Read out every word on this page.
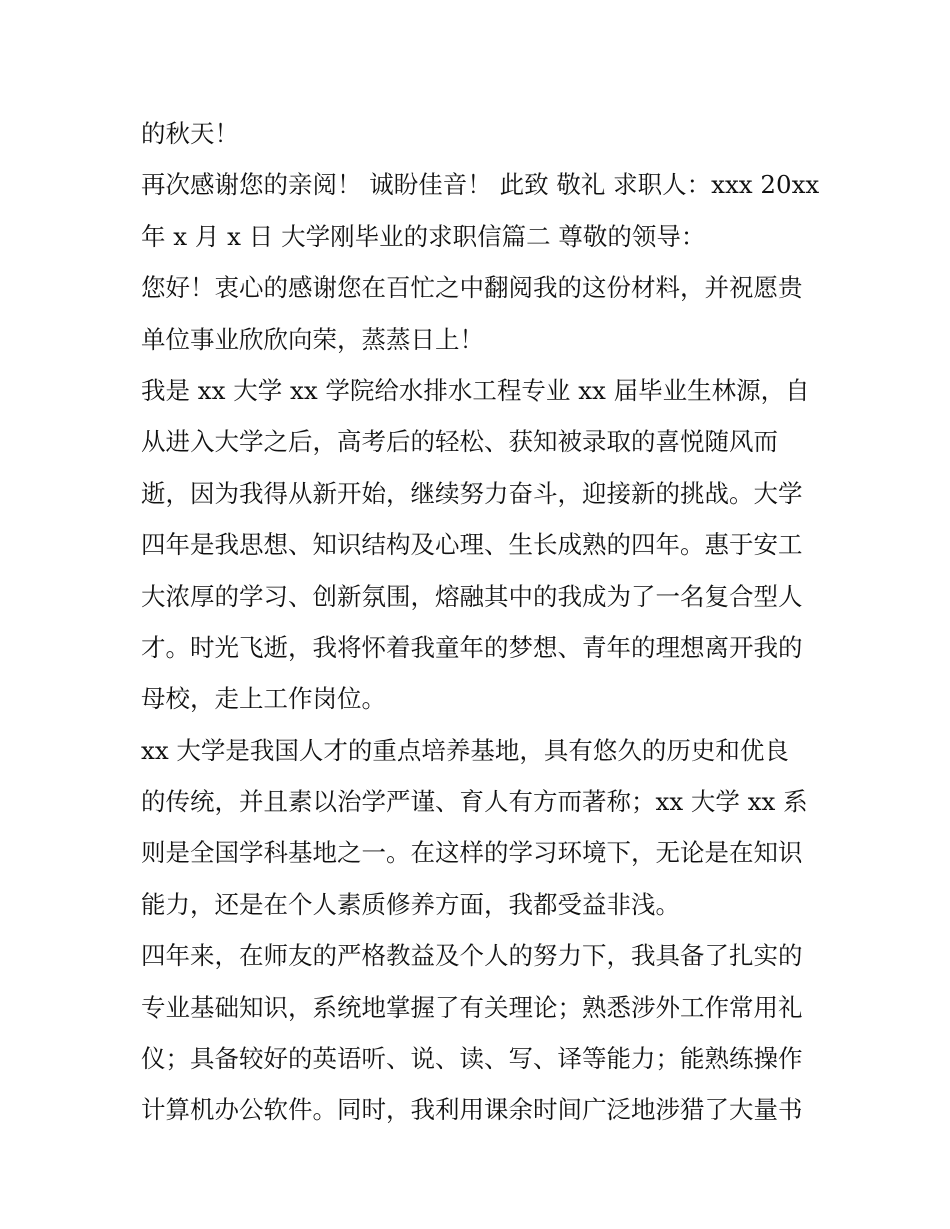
的秋天！
再次感谢您的亲阅！ 诚盼佳音！ 此致 敬礼 求职人：xxx 20xx
年 x 月 x 日 大学刚毕业的求职信篇二 尊敬的领导：
您好！衷心的感谢您在百忙之中翻阅我的这份材料，并祝愿贵
单位事业欣欣向荣，蒸蒸日上！
我是 xx 大学 xx 学院给水排水工程专业 xx 届毕业生林源，自
从进入大学之后，高考后的轻松、获知被录取的喜悦随风而
逝，因为我得从新开始，继续努力奋斗，迎接新的挑战。大学
四年是我思想、知识结构及心理、生长成熟的四年。惠于安工
大浓厚的学习、创新氛围，熔融其中的我成为了一名复合型人
才。时光飞逝，我将怀着我童年的梦想、青年的理想离开我的
母校，走上工作岗位。
xx 大学是我国人才的重点培养基地，具有悠久的历史和优良
的传统，并且素以治学严谨、育人有方而著称；xx 大学 xx 系
则是全国学科基地之一。在这样的学习环境下，无论是在知识
能力，还是在个人素质修养方面，我都受益非浅。
四年来，在师友的严格教益及个人的努力下，我具备了扎实的
专业基础知识，系统地掌握了有关理论；熟悉涉外工作常用礼
仪；具备较好的英语听、说、读、写、译等能力；能熟练操作
计算机办公软件。同时，我利用课余时间广泛地涉猎了大量书
